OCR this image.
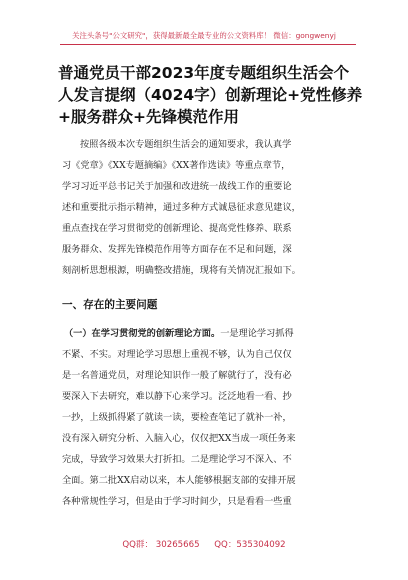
关注头条号"公文研究"，获得最新最全最专业的公文资料库！ 微信：gongwenyj
普通党员干部2023年度专题组织生活会个
人发言提纲（4024字）创新理论+党性修养
+服务群众+先锋模范作用
按照各级本次专题组织生活会的通知要求，我认真学
习《党章》《XX专题摘编》《XX著作选读》等重点章节，
学习习近平总书记关于加强和改进统一战线工作的重要论
述和重要批示指示精神，通过多种方式诚恳征求意见建议，
重点查找在学习贯彻党的创新理论、提高党性修养、联系
服务群众、发挥先锋模范作用等方面存在不足和问题，深
刻剖析思想根源，明确整改措施，现将有关情况汇报如下。
一、存在的主要问题
（一）在学习贯彻党的创新理论方面。一是理论学习抓得
不紧、不实。对理论学习思想上重视不够，认为自己仅仅
是一名普通党员，对理论知识作一般了解就行了，没有必
要深入下去研究，难以静下心来学习。泛泛地看一看、抄
一抄，上级抓得紧了就读一读，要检查笔记了就补一补，
没有深入研究分析、入脑入心，仅仅把XX当成一项任务来
完成，导致学习效果大打折扣。二是理论学习不深入、不
全面。第二批XX启动以来，本人能够根据支部的安排开展
各种常规性学习，但是由于学习时间少，只是看看一些重
QQ群： 30265665 QQ：535304092
